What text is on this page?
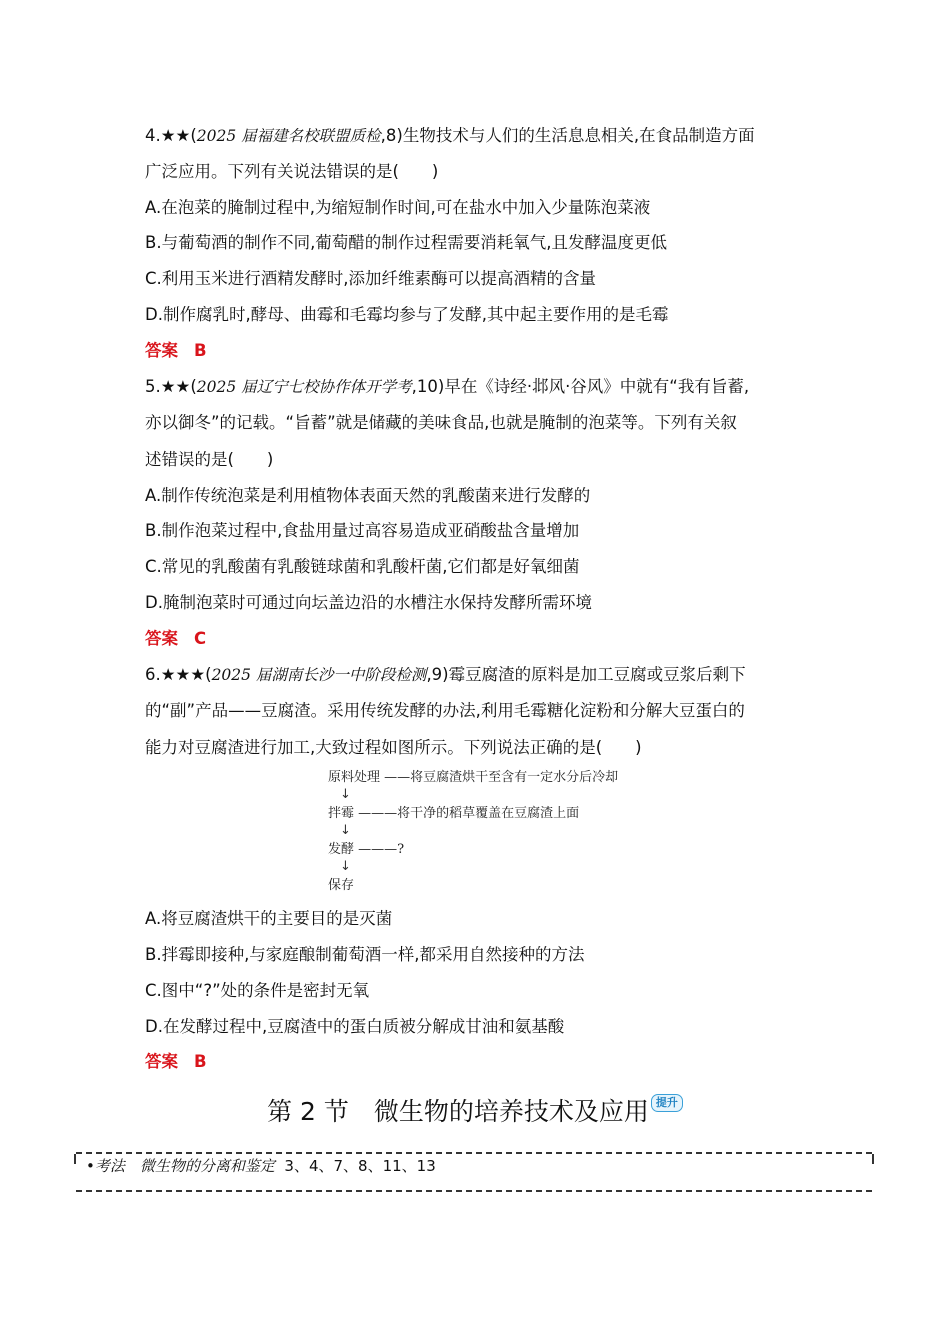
4.★★(2025 届福建名校联盟质检,8)生物技术与人们的生活息息相关,在食品制造方面
广泛应用。下列有关说法错误的是(　　)
A.在泡菜的腌制过程中,为缩短制作时间,可在盐水中加入少量陈泡菜液
B.与葡萄酒的制作不同,葡萄醋的制作过程需要消耗氧气,且发酵温度更低
C.利用玉米进行酒精发酵时,添加纤维素酶可以提高酒精的含量
D.制作腐乳时,酵母、曲霉和毛霉均参与了发酵,其中起主要作用的是毛霉
答案 B
5.★★(2025 届辽宁七校协作体开学考,10)早在《诗经·邶风·谷风》中就有“我有旨蓄,
亦以御冬”的记载。“旨蓄”就是储藏的美味食品,也就是腌制的泡菜等。下列有关叙
述错误的是(　　)
A.制作传统泡菜是利用植物体表面天然的乳酸菌来进行发酵的
B.制作泡菜过程中,食盐用量过高容易造成亚硝酸盐含量增加
C.常见的乳酸菌有乳酸链球菌和乳酸杆菌,它们都是好氧细菌
D.腌制泡菜时可通过向坛盖边沿的水槽注水保持发酵所需环境
答案 C
6.★★★(2025 届湖南长沙一中阶段检测,9)霉豆腐渣的原料是加工豆腐或豆浆后剩下
的“副”产品——豆腐渣。采用传统发酵的办法,利用毛霉糖化淀粉和分解大豆蛋白的
能力对豆腐渣进行加工,大致过程如图所示。下列说法正确的是(　　)
原料处理 ——将豆腐渣烘干至含有一定水分后冷却
↓
拌霉 ———将干净的稻草覆盖在豆腐渣上面
↓
发酵 ———?
↓
保存
A.将豆腐渣烘干的主要目的是灭菌
B.拌霉即接种,与家庭酿制葡萄酒一样,都采用自然接种的方法
C.图中“?”处的条件是密封无氧
D.在发酵过程中,豆腐渣中的蛋白质被分解成甘油和氨基酸
答案 B
第 2 节　微生物的培养技术及应用 提升
•考法　微生物的分离和鉴定 3、4、7、8、11、13
